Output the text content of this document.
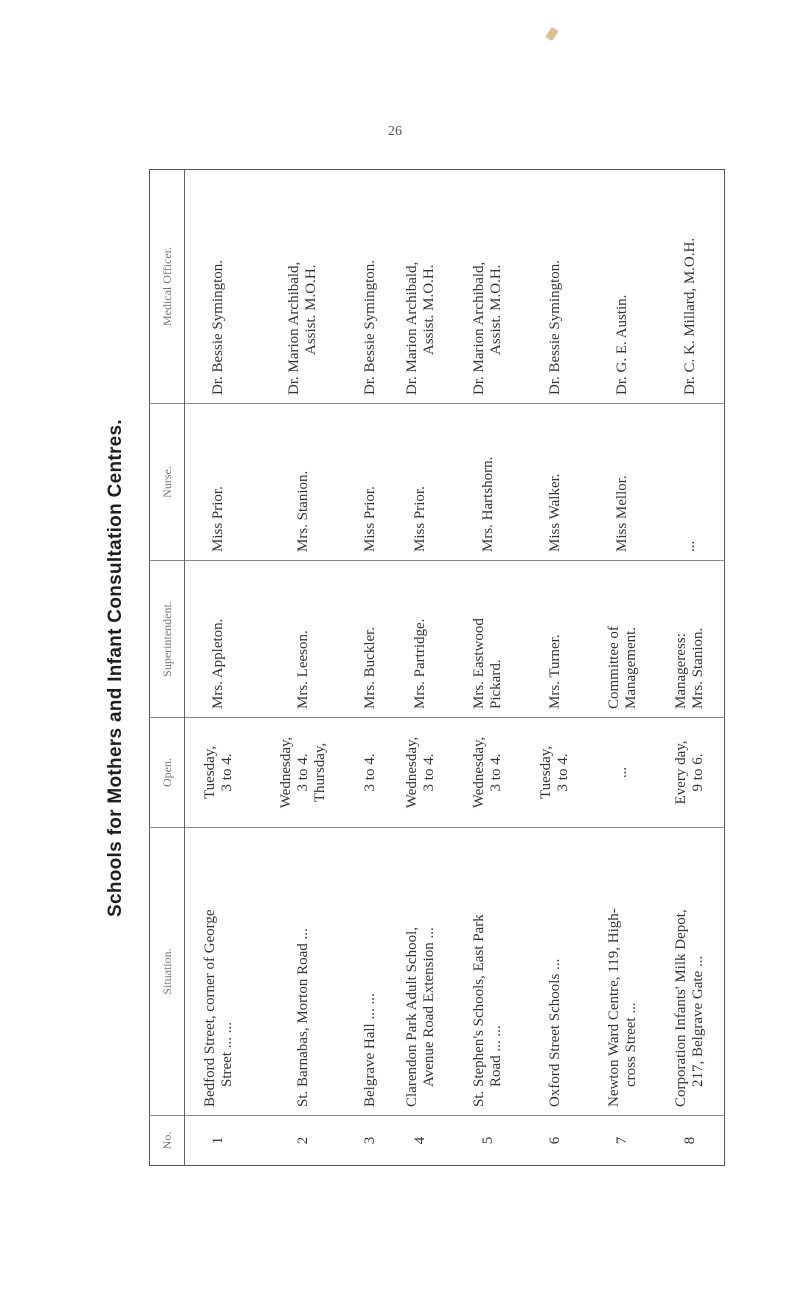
26
Schools for Mothers and Infant Consultation Centres.
No.	Situation.	Open.	Superintendent.	Nurse.	Medical Officer.
1	Bedford Street, corner of George Street ... ...	Tuesday, 3 to 4.	Mrs. Appleton.	Miss Prior.	Dr. Bessie Symington.

2	St. Barnabas, Morton Road ...	Wednesday, 3 to 4. Thursday,	Mrs. Leeson.	Mrs. Stanion.	Dr. Marion Archibald, Assist. M.O.H.

3	Belgrave Hall ... ...	3 to 4.	Mrs. Buckler.	Miss Prior.	Dr. Bessie Symington.

4	Clarendon Park Adult School, Avenue Road Extension ...	Wednesday, 3 to 4.	Mrs. Partridge.	Miss Prior.	Dr. Marion Archibald, Assist. M.O.H.

5	St. Stephen's Schools, East Park Road ... ...	Wednesday, 3 to 4.	Mrs. Eastwood Pickard.	Mrs. Hartshorn.	Dr. Marion Archibald, Assist. M.O.H.

6	Oxford Street Schools ...	Tuesday, 3 to 4.	Mrs. Turner.	Miss Walker.	Dr. Bessie Symington.

7	Newton Ward Centre, 119, High- cross Street ...	...	Committee of Management.	Miss Mellor.	Dr. G. E. Austin.

8	Corporation Infants' Milk Depot, 217, Belgrave Gate ...	Every day, 9 to 6.	Manageress: Mrs. Stanion.	...	Dr. C. K. Millard, M.O.H.
